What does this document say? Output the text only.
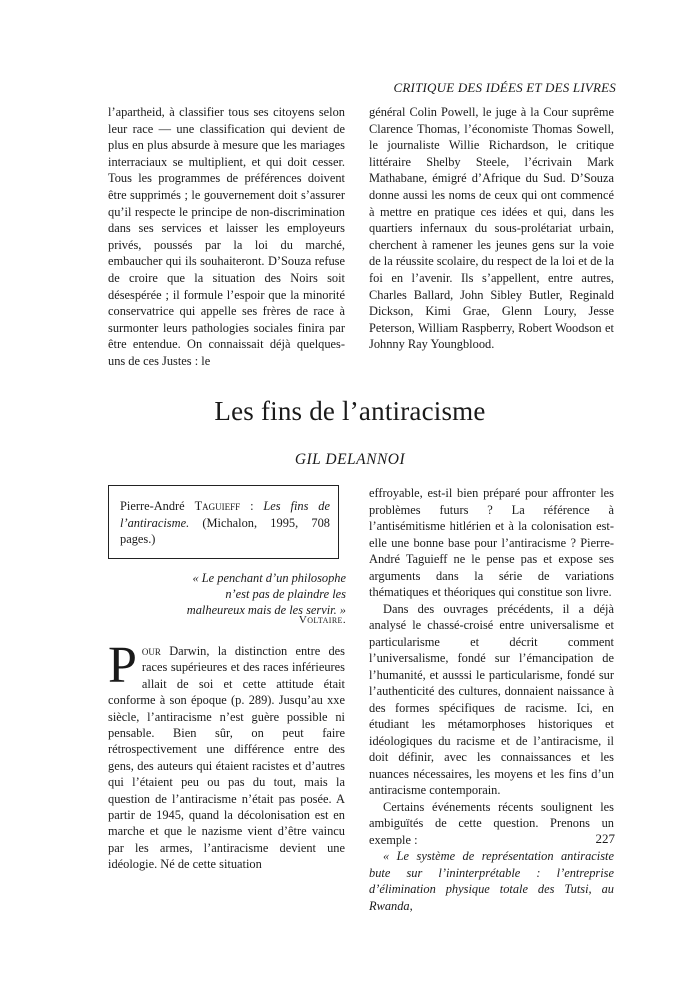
CRITIQUE DES IDÉES ET DES LIVRES

l’apartheid, à classifier tous ses citoyens selon leur race — une classification qui devient de plus en plus absurde à mesure que les mariages interraciaux se multiplient, et qui doit cesser. Tous les programmes de préférences doivent être supprimés ; le gouvernement doit s’assurer qu’il respecte le principe de non-discrimination dans ses services et laisser les employeurs privés, poussés par la loi du marché, embaucher qui ils souhaiteront. D’Souza refuse de croire que la situation des Noirs soit désespérée ; il formule l’espoir que la minorité conservatrice qui appelle ses frères de race à surmonter leurs pathologies sociales finira par être entendue. On connaissait déjà quelques-uns de ces Justes : le

général Colin Powell, le juge à la Cour suprême Clarence Thomas, l’économiste Thomas Sowell, le journaliste Willie Richardson, le critique littéraire Shelby Steele, l’écrivain Mark Mathabane, émigré d’Afrique du Sud. D’Souza donne aussi les noms de ceux qui ont commencé à mettre en pratique ces idées et qui, dans les quartiers infernaux du sous-prolétariat urbain, cherchent à ramener les jeunes gens sur la voie de la réussite scolaire, du respect de la loi et de la foi en l’avenir. Ils s’appellent, entre autres, Charles Ballard, John Sibley Butler, Reginald Dickson, Kimi Grae, Glenn Loury, Jesse Peterson, William Raspberry, Robert Woodson et Johnny Ray Youngblood.

Les fins de l’antiracisme
GIL DELANNOI
Pierre-André Taguieff : Les fins de l’antiracisme. (Michalon, 1995, 708 pages.)
« Le penchant d’un philosophe n’est pas de plaindre les malheureux mais de les servir. »
Voltaire.
Pour Darwin, la distinction entre des races supérieures et des races inférieures allait de soi et cette attitude était conforme à son époque (p. 289). Jusqu’au xxe siècle, l’antiracisme n’est guère possible ni pensable. Bien sûr, on peut faire rétrospectivement une différence entre des gens, des auteurs qui étaient racistes et d’autres qui l’étaient peu ou pas du tout, mais la question de l’antiracisme n’était pas posée. A partir de 1945, quand la décolonisation est en marche et que le nazisme vient d’être vaincu par les armes, l’antiracisme devient une idéologie. Né de cette situation

effroyable, est-il bien préparé pour affronter les problèmes futurs ? La référence à l’antisémitisme hitlérien et à la colonisation est-elle une bonne base pour l’antiracisme ? Pierre-André Taguieff ne le pense pas et expose ses arguments dans la série de variations thématiques et théoriques qui constitue son livre.

Dans des ouvrages précédents, il a déjà analysé le chassé-croisé entre universalisme et particularisme et décrit comment l’universalisme, fondé sur l’émancipation de l’humanité, et ausssi le particularisme, fondé sur l’authenticité des cultures, donnaient naissance à des formes spécifiques de racisme. Ici, en étudiant les métamorphoses historiques et idéologiques du racisme et de l’antiracisme, il doit définir, avec les connaissances et les nuances nécessaires, les moyens et les fins d’un antiracisme contemporain.

Certains événements récents soulignent les ambiguïtés de cette question. Prenons un exemple :

« Le système de représentation antiraciste bute sur l’ininterprétable : l’entreprise d’élimination physique totale des Tutsi, au Rwanda,

227
